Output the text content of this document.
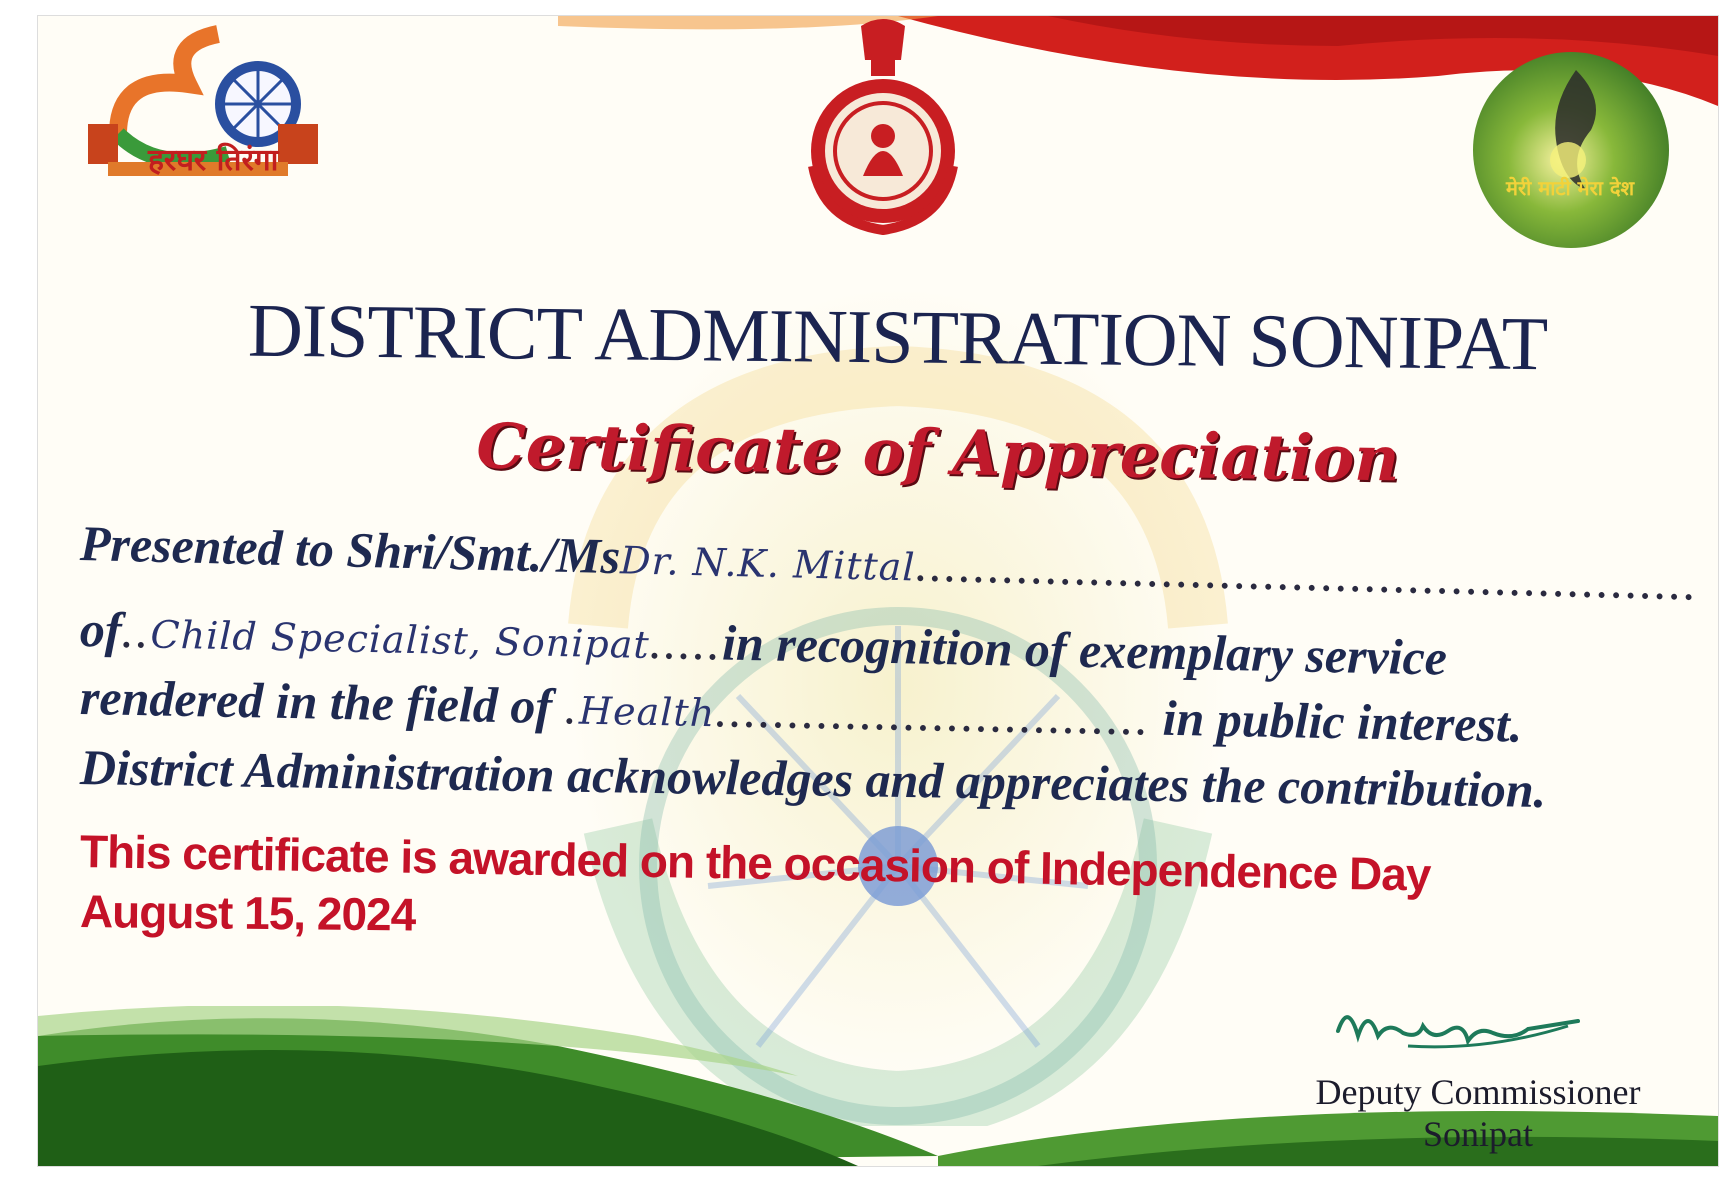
हरघर तिरंगा
मेरी माटी मेरा देश
DISTRICT ADMINISTRATION SONIPAT
Certificate of Appreciation
Presented to Shri/Smt./MsDr. N.K. Mittal......................................................
of..Child Specialist, Sonipat.....in recognition of exemplary service
rendered in the field of .Health.............................. in public interest.
District Administration acknowledges and appreciates the contribution.
This certificate is awarded on the occasion of Independence Day
August 15, 2024
Deputy Commissioner
Sonipat
